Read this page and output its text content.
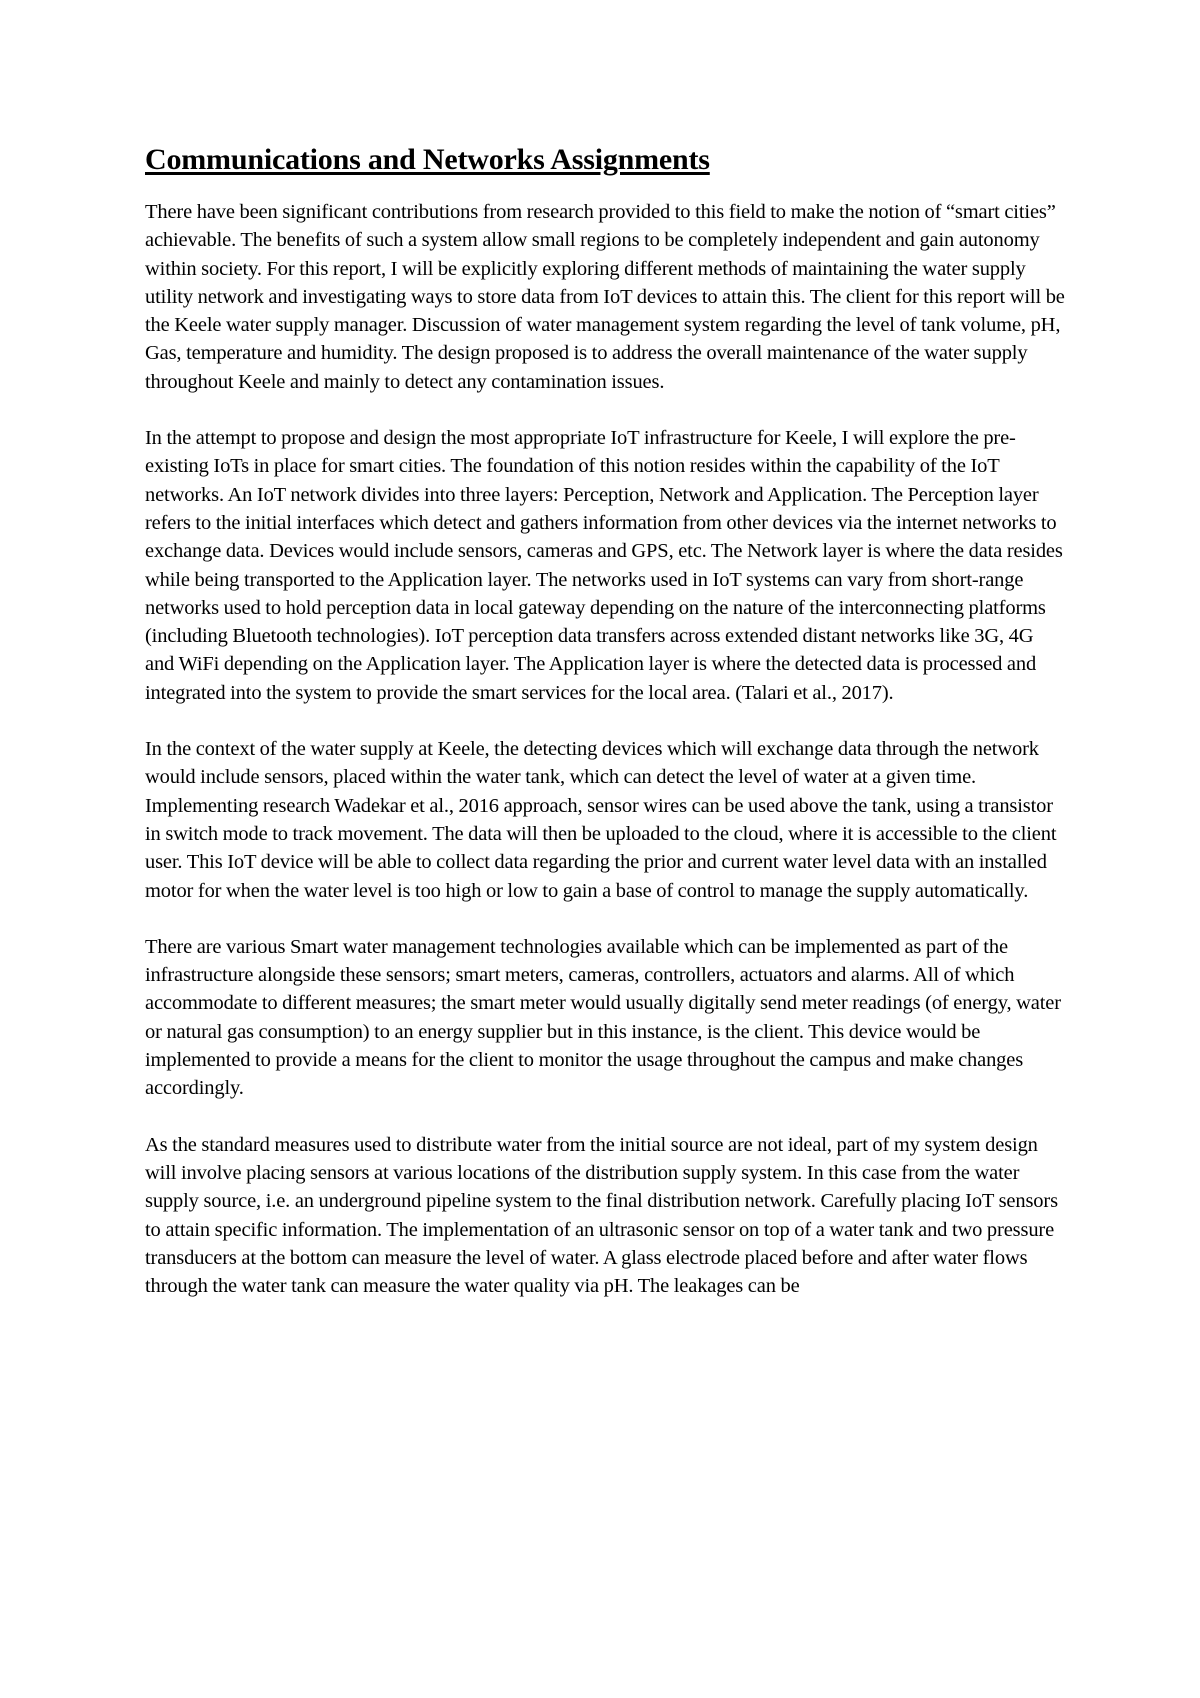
Communications and Networks Assignments

There have been significant contributions from research provided to this field to make the notion of “smart cities” achievable. The benefits of such a system allow small regions to be completely independent and gain autonomy within society. For this report, I will be explicitly exploring different methods of maintaining the water supply utility network and investigating ways to store data from IoT devices to attain this. The client for this report will be the Keele water supply manager. Discussion of water management system regarding the level of tank volume, pH, Gas, temperature and humidity. The design proposed is to address the overall maintenance of the water supply throughout Keele and mainly to detect any contamination issues.

In the attempt to propose and design the most appropriate IoT infrastructure for Keele, I will explore the pre-existing IoTs in place for smart cities. The foundation of this notion resides within the capability of the IoT networks. An IoT network divides into three layers: Perception, Network and Application. The Perception layer refers to the initial interfaces which detect and gathers information from other devices via the internet networks to exchange data. Devices would include sensors, cameras and GPS, etc. The Network layer is where the data resides while being transported to the Application layer. The networks used in IoT systems can vary from short-range networks used to hold perception data in local gateway depending on the nature of the interconnecting platforms (including Bluetooth technologies). IoT perception data transfers across extended distant networks like 3G, 4G and WiFi depending on the Application layer. The Application layer is where the detected data is processed and integrated into the system to provide the smart services for the local area. (Talari et al., 2017).

In the context of the water supply at Keele, the detecting devices which will exchange data through the network would include sensors, placed within the water tank, which can detect the level of water at a given time. Implementing research Wadekar et al., 2016 approach, sensor wires can be used above the tank, using a transistor in switch mode to track movement. The data will then be uploaded to the cloud, where it is accessible to the client user. This IoT device will be able to collect data regarding the prior and current water level data with an installed motor for when the water level is too high or low to gain a base of control to manage the supply automatically.

There are various Smart water management technologies available which can be implemented as part of the infrastructure alongside these sensors; smart meters, cameras, controllers, actuators and alarms. All of which accommodate to different measures; the smart meter would usually digitally send meter readings (of energy, water or natural gas consumption) to an energy supplier but in this instance, is the client. This device would be implemented to provide a means for the client to monitor the usage throughout the campus and make changes accordingly.

As the standard measures used to distribute water from the initial source are not ideal, part of my system design will involve placing sensors at various locations of the distribution supply system. In this case from the water supply source, i.e. an underground pipeline system to the final distribution network. Carefully placing IoT sensors to attain specific information. The implementation of an ultrasonic sensor on top of a water tank and two pressure transducers at the bottom can measure the level of water. A glass electrode placed before and after water flows through the water tank can measure the water quality via pH. The leakages can be
